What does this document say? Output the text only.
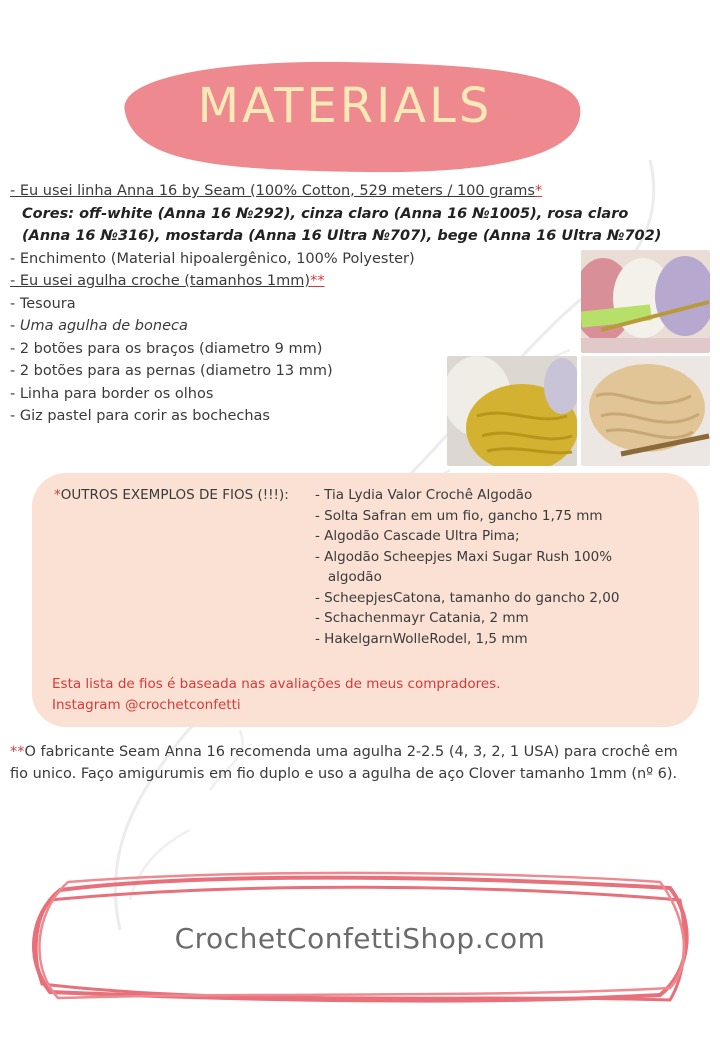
MATERIALS
- Eu usei linha Anna 16 by Seam (100% Cotton, 529 meters / 100 grams*
Cores: off-white (Anna 16 №292), cinza claro (Anna 16 №1005), rosa claro
(Anna 16 №316), mostarda (Anna 16 Ultra №707), bege (Anna 16 Ultra №702)
- Enchimento (Material hipoalergênico, 100% Polyester)
- Eu usei agulha croche (tamanhos 1mm)**
- Tesoura
- Uma agulha de boneca
- 2 botões para os braços (diametro 9 mm)
- 2 botões para as pernas (diametro 13 mm)
- Linha para border os olhos
- Giz pastel para corir as bochechas
*OUTROS EXEMPLOS DE FIOS (!!!): - Tia Lydia Valor Crochê Algodão
- Solta Safran em um fio, gancho 1,75 mm
- Algodão Cascade Ultra Pima;
- Algodão Scheepjes Maxi Sugar Rush 100%
algodão
- ScheepjesCatona, tamanho do gancho 2,00
- Schachenmayr Catania, 2 mm
- HakelgarnWolleRodel, 1,5 mm
Esta lista de fios é baseada nas avaliações de meus compradores.
Instagram @crochetconfetti
**O fabricante Seam Anna 16 recomenda uma agulha 2-2.5 (4, 3, 2, 1 USA) para crochê em fio unico. Faço amigurumis em fio duplo e uso a agulha de aço Clover tamanho 1mm (nº 6).
CrochetConfettiShop.com
